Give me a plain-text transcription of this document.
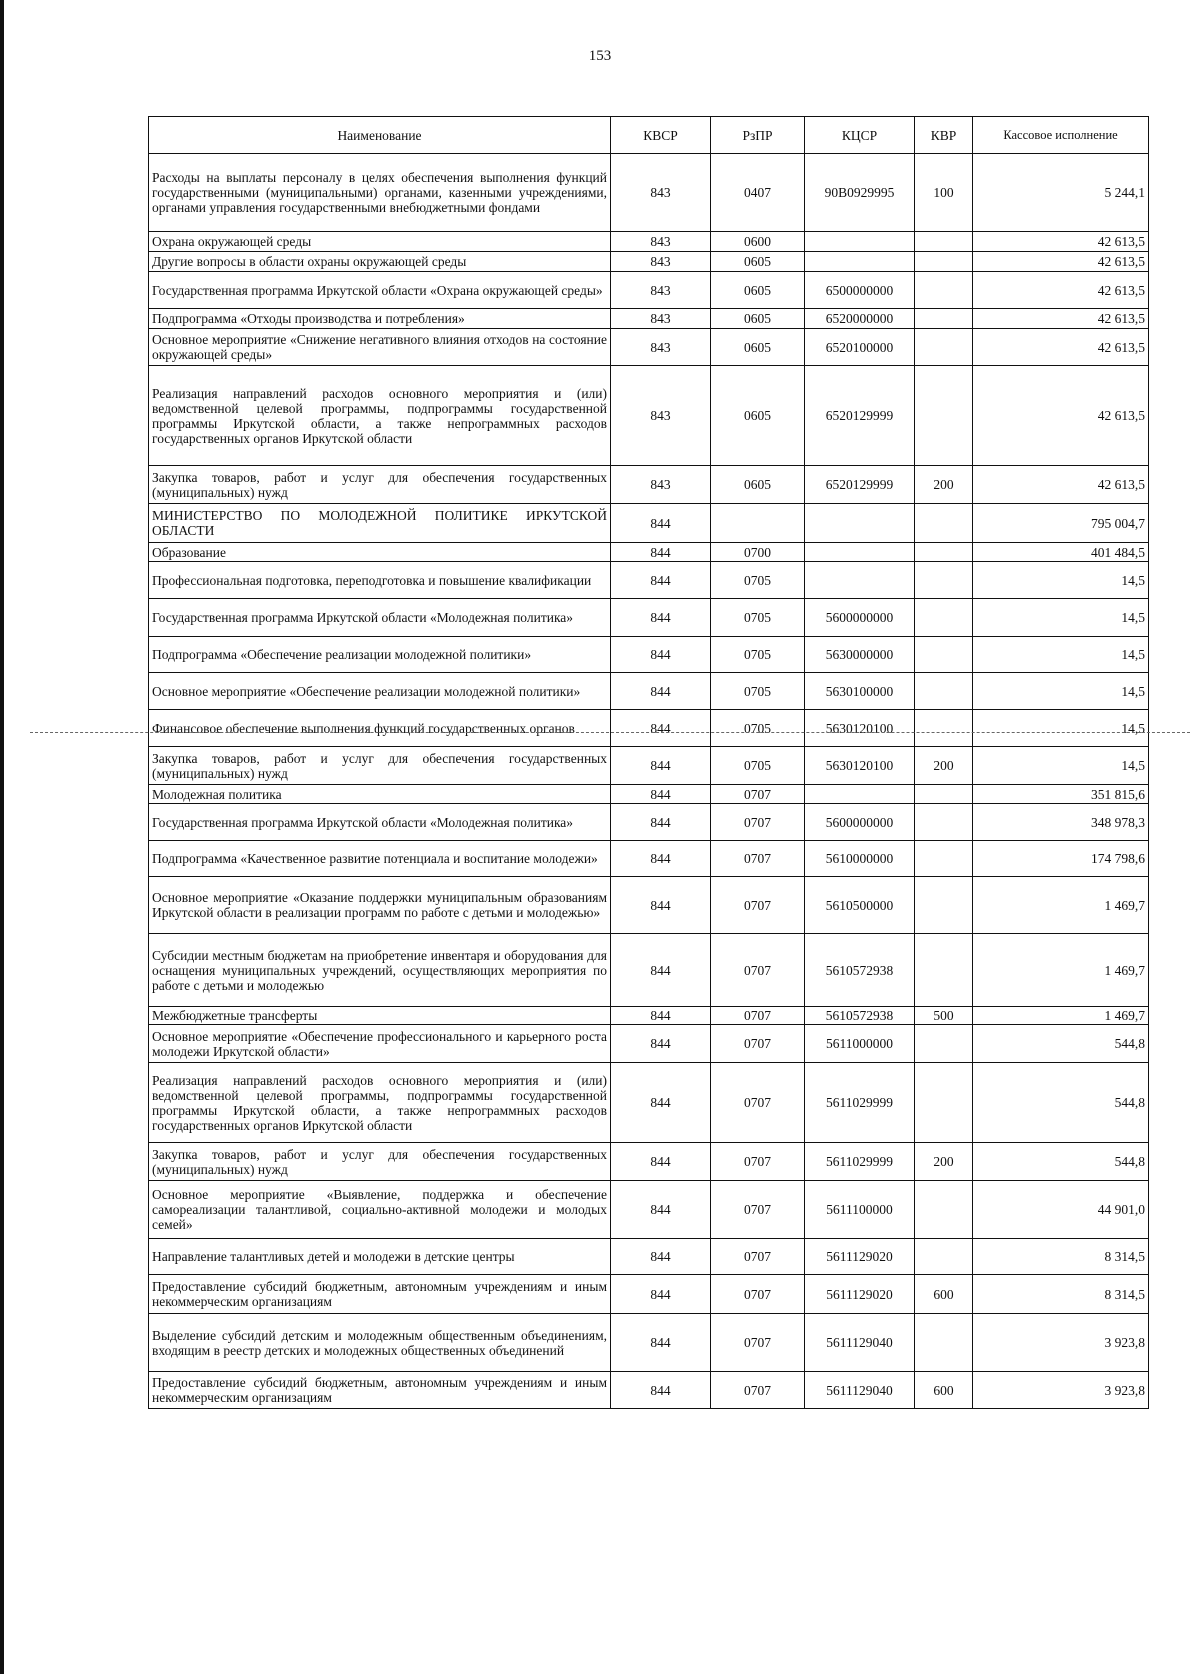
153
Наименование	КВСР	РзПР	КЦСР	КВР	Кассовое исполнение
Расходы на выплаты персоналу в целях обеспечения выполнения функций государственными (муниципальными) органами, казенными учреждениями, органами управления государственными внебюджетными фондами	843	0407	90В0929995	100	5 244,1
Охрана окружающей среды	843	0600			42 613,5
Другие вопросы в области охраны окружающей среды	843	0605			42 613,5
Государственная программа Иркутской области «Охрана окружающей среды»	843	0605	6500000000		42 613,5
Подпрограмма «Отходы производства и потребления»	843	0605	6520000000		42 613,5
Основное мероприятие «Снижение негативного влияния отходов на состояние окружающей среды»	843	0605	6520100000		42 613,5
Реализация направлений расходов основного мероприятия и (или) ведомственной целевой программы, подпрограммы государственной программы Иркутской области, а также непрограммных расходов государственных органов Иркутской области	843	0605	6520129999		42 613,5
Закупка товаров, работ и услуг для обеспечения государственных (муниципальных) нужд	843	0605	6520129999	200	42 613,5
МИНИСТЕРСТВО ПО МОЛОДЕЖНОЙ ПОЛИТИКЕ ИРКУТСКОЙ ОБЛАСТИ	844				795 004,7
Образование	844	0700			401 484,5
Профессиональная подготовка, переподготовка и повышение квалификации	844	0705			14,5
Государственная программа Иркутской области «Молодежная политика»	844	0705	5600000000		14,5
Подпрограмма «Обеспечение реализации молодежной политики»	844	0705	5630000000		14,5
Основное мероприятие «Обеспечение реализации молодежной политики»	844	0705	5630100000		14,5
Финансовое обеспечение выполнения функций государственных органов	844	0705	5630120100		14,5
Закупка товаров, работ и услуг для обеспечения государственных (муниципальных) нужд	844	0705	5630120100	200	14,5
Молодежная политика	844	0707			351 815,6
Государственная программа Иркутской области «Молодежная политика»	844	0707	5600000000		348 978,3
Подпрограмма «Качественное развитие потенциала и воспитание молодежи»	844	0707	5610000000		174 798,6
Основное мероприятие «Оказание поддержки муниципальным образованиям Иркутской области в реализации программ по работе с детьми и молодежью»	844	0707	5610500000		1 469,7
Субсидии местным бюджетам на приобретение инвентаря и оборудования для оснащения муниципальных учреждений, осуществляющих мероприятия по работе с детьми и молодежью	844	0707	5610572938		1 469,7
Межбюджетные трансферты	844	0707	5610572938	500	1 469,7
Основное мероприятие «Обеспечение профессионального и карьерного роста молодежи Иркутской области»	844	0707	5611000000		544,8
Реализация направлений расходов основного мероприятия и (или) ведомственной целевой программы, подпрограммы государственной программы Иркутской области, а также непрограммных расходов государственных органов Иркутской области	844	0707	5611029999		544,8
Закупка товаров, работ и услуг для обеспечения государственных (муниципальных) нужд	844	0707	5611029999	200	544,8
Основное мероприятие «Выявление, поддержка и обеспечение самореализации талантливой, социально-активной молодежи и молодых семей»	844	0707	5611100000		44 901,0
Направление талантливых детей и молодежи в детские центры	844	0707	5611129020		8 314,5
Предоставление субсидий бюджетным, автономным учреждениям и иным некоммерческим организациям	844	0707	5611129020	600	8 314,5
Выделение субсидий детским и молодежным общественным объединениям, входящим в реестр детских и молодежных общественных объединений	844	0707	5611129040		3 923,8
Предоставление субсидий бюджетным, автономным учреждениям и иным некоммерческим организациям	844	0707	5611129040	600	3 923,8
